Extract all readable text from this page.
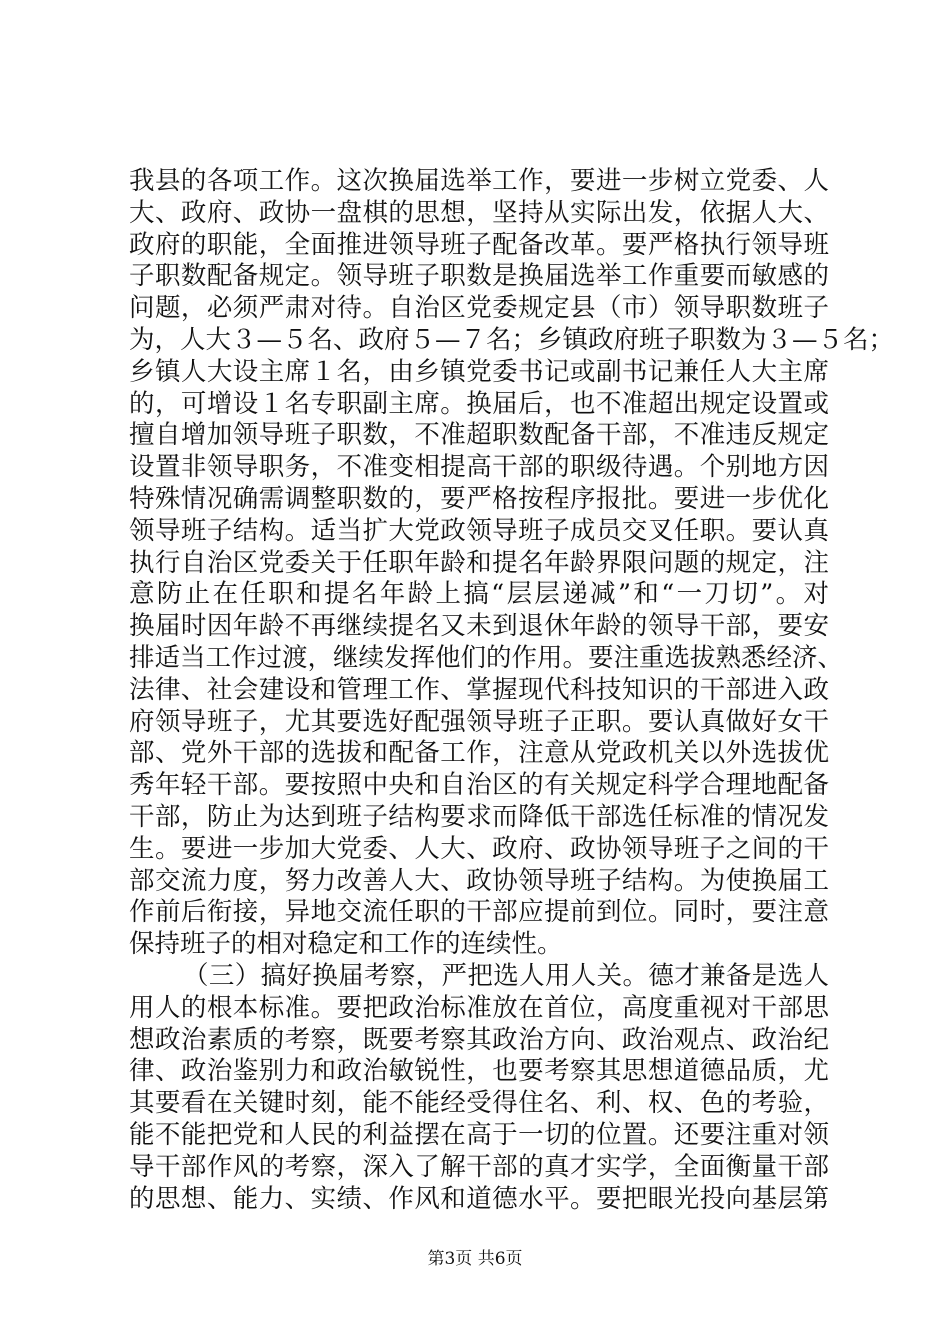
我县的各项工作。这次换届选举工作，要进一步树立党委、人
大、政府、政协一盘棋的思想，坚持从实际出发，依据人大、
政府的职能，全面推进领导班子配备改革。要严格执行领导班
子职数配备规定。领导班子职数是换届选举工作重要而敏感的
问题，必须严肃对待。自治区党委规定县（市）领导职数班子
为，人大３—５名、政府５—７名；乡镇政府班子职数为３—５名；
乡镇人大设主席１名，由乡镇党委书记或副书记兼任人大主席
的，可增设１名专职副主席。换届后，也不准超出规定设置或
擅自增加领导班子职数，不准超职数配备干部，不准违反规定
设置非领导职务，不准变相提高干部的职级待遇。个别地方因
特殊情况确需调整职数的，要严格按程序报批。要进一步优化
领导班子结构。适当扩大党政领导班子成员交叉任职。要认真
执行自治区党委关于任职年龄和提名年龄界限问题的规定，注
意防止在任职和提名年龄上搞“层层递减”和“一刀切”。对
换届时因年龄不再继续提名又未到退休年龄的领导干部，要安
排适当工作过渡，继续发挥他们的作用。要注重选拔熟悉经济、
法律、社会建设和管理工作、掌握现代科技知识的干部进入政
府领导班子，尤其要选好配强领导班子正职。要认真做好女干
部、党外干部的选拔和配备工作，注意从党政机关以外选拔优
秀年轻干部。要按照中央和自治区的有关规定科学合理地配备
干部，防止为达到班子结构要求而降低干部选任标准的情况发
生。要进一步加大党委、人大、政府、政协领导班子之间的干
部交流力度，努力改善人大、政协领导班子结构。为使换届工
作前后衔接，异地交流任职的干部应提前到位。同时，要注意
保持班子的相对稳定和工作的连续性。
（三）搞好换届考察，严把选人用人关。德才兼备是选人
用人的根本标准。要把政治标准放在首位，高度重视对干部思
想政治素质的考察，既要考察其政治方向、政治观点、政治纪
律、政治鉴别力和政治敏锐性，也要考察其思想道德品质，尤
其要看在关键时刻，能不能经受得住名、利、权、色的考验，
能不能把党和人民的利益摆在高于一切的位置。还要注重对领
导干部作风的考察，深入了解干部的真才实学，全面衡量干部
的思想、能力、实绩、作风和道德水平。要把眼光投向基层第
第3页 共6页
